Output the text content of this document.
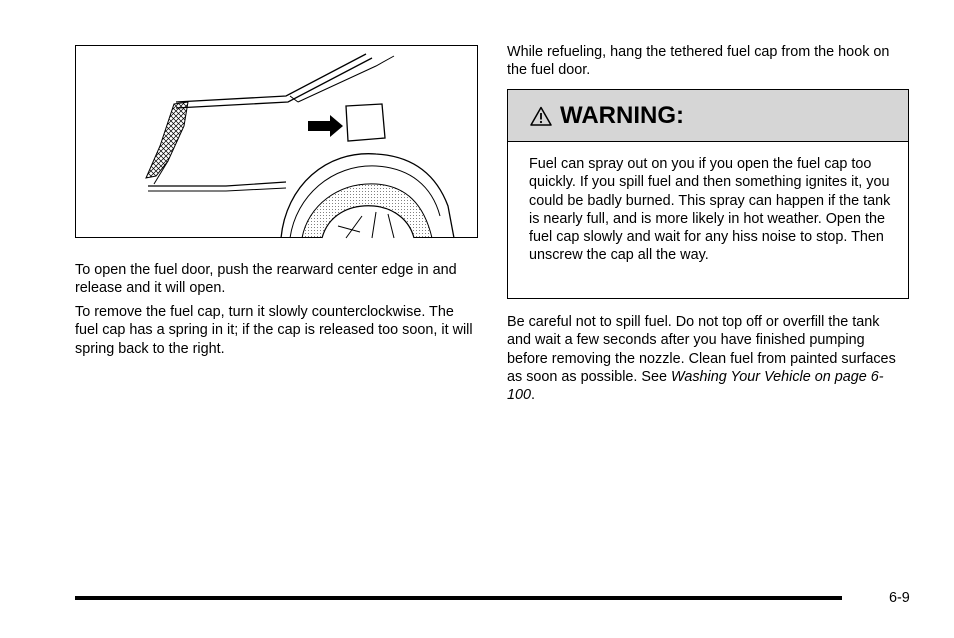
To open the fuel door, push the rearward center edge in and release and it will open.

To remove the fuel cap, turn it slowly counterclockwise. The fuel cap has a spring in it; if the cap is released too soon, it will spring back to the right.

While refueling, hang the tethered fuel cap from the hook on the fuel door.

WARNING:

Fuel can spray out on you if you open the fuel cap too quickly. If you spill fuel and then something ignites it, you could be badly burned. This spray can happen if the tank is nearly full, and is more likely in hot weather. Open the fuel cap slowly and wait for any hiss noise to stop. Then unscrew the cap all the way.

Be careful not to spill fuel. Do not top off or overfill the tank and wait a few seconds after you have finished pumping before removing the nozzle. Clean fuel from painted surfaces as soon as possible. See Washing Your Vehicle on page 6-100.

6-9
